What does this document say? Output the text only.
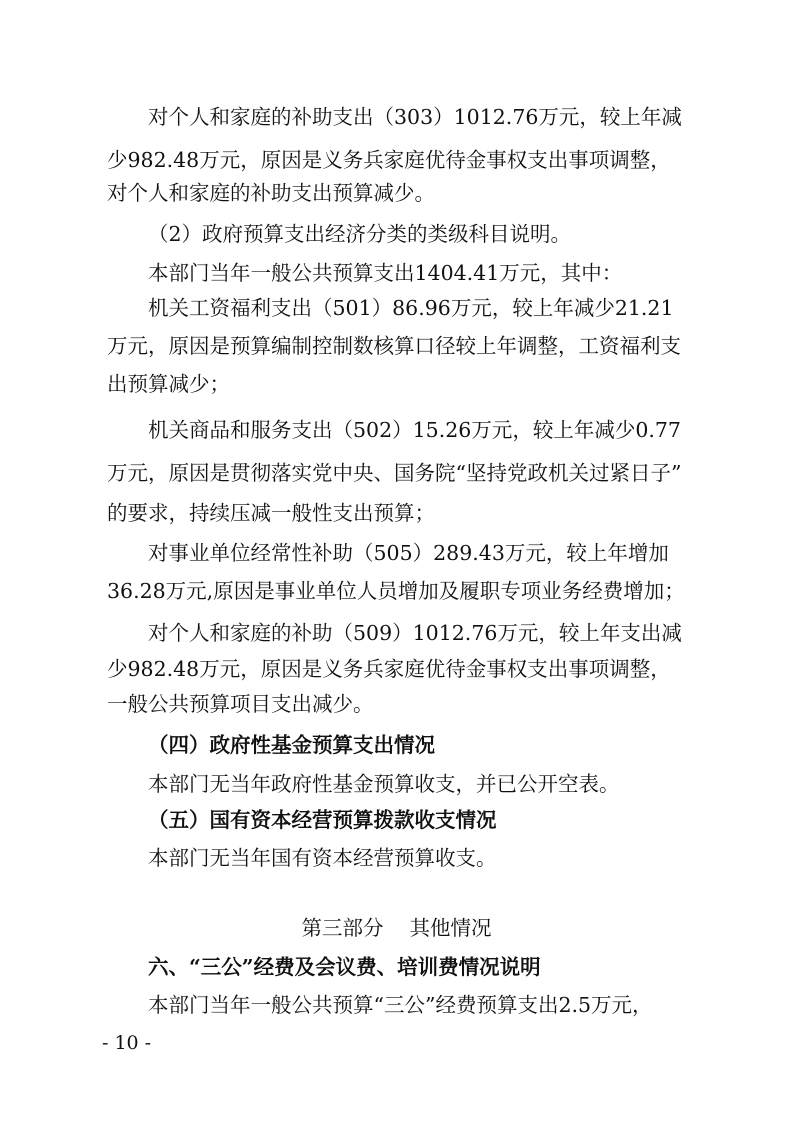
对个人和家庭的补助支出（303）1012.76万元，较上年减
少982.48万元，原因是义务兵家庭优待金事权支出事项调整，
对个人和家庭的补助支出预算减少。
（2）政府预算支出经济分类的类级科目说明。
本部门当年一般公共预算支出1404.41万元，其中：
机关工资福利支出（501）86.96万元，较上年减少21.21
万元，原因是预算编制控制数核算口径较上年调整，工资福利支
出预算减少；
机关商品和服务支出（502）15.26万元，较上年减少0.77
万元，原因是贯彻落实党中央、国务院“坚持党政机关过紧日子”
的要求，持续压减一般性支出预算；
对事业单位经常性补助（505）289.43万元，较上年增加
36.28万元,原因是事业单位人员增加及履职专项业务经费增加；
对个人和家庭的补助（509）1012.76万元，较上年支出减
少982.48万元，原因是义务兵家庭优待金事权支出事项调整，
一般公共预算项目支出减少。
（四）政府性基金预算支出情况
本部门无当年政府性基金预算收支，并已公开空表。
（五）国有资本经营预算拨款收支情况
本部门无当年国有资本经营预算收支。
第三部分    其他情况
六、“三公”经费及会议费、培训费情况说明
本部门当年一般公共预算“三公”经费预算支出2.5万元，
- 10 -
